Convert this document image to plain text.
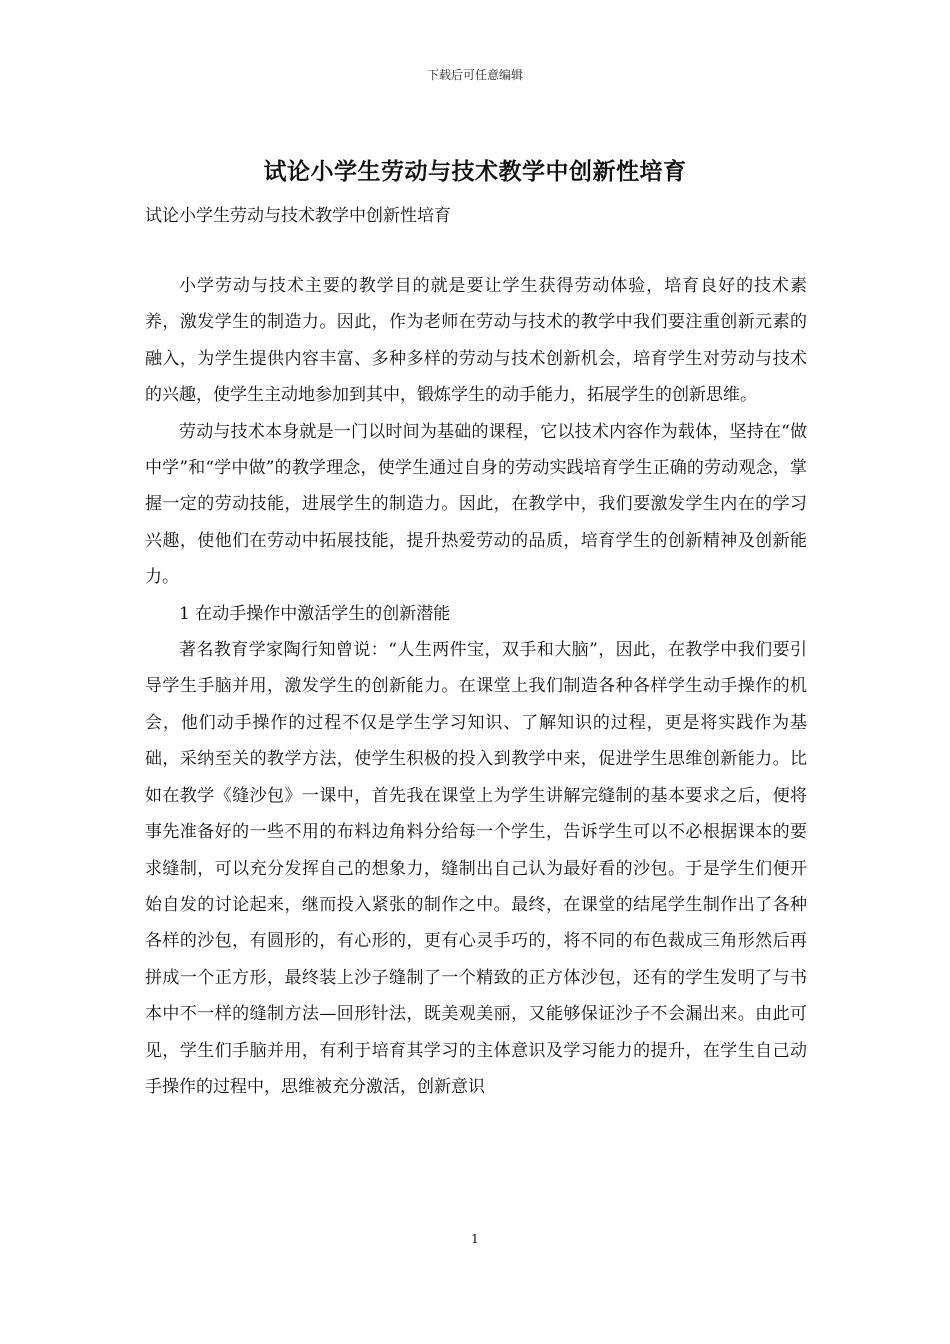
下载后可任意编辑
试论小学生劳动与技术教学中创新性培育
试论小学生劳动与技术教学中创新性培育

小学劳动与技术主要的教学目的就是要让学生获得劳动体验，培育良好的技术素养，激发学生的制造力。因此，作为老师在劳动与技术的教学中我们要注重创新元素的融入，为学生提供内容丰富、多种多样的劳动与技术创新机会，培育学生对劳动与技术的兴趣，使学生主动地参加到其中，锻炼学生的动手能力，拓展学生的创新思维。

劳动与技术本身就是一门以时间为基础的课程，它以技术内容作为载体，坚持在“做中学”和“学中做”的教学理念，使学生通过自身的劳动实践培育学生正确的劳动观念，掌握一定的劳动技能，进展学生的制造力。因此，在教学中，我们要激发学生内在的学习兴趣，使他们在劳动中拓展技能，提升热爱劳动的品质，培育学生的创新精神及创新能力。

1 在动手操作中激活学生的创新潜能

著名教育学家陶行知曾说：“人生两件宝，双手和大脑”，因此，在教学中我们要引导学生手脑并用，激发学生的创新能力。在课堂上我们制造各种各样学生动手操作的机会，他们动手操作的过程不仅是学生学习知识、了解知识的过程，更是将实践作为基础，采纳至关的教学方法，使学生积极的投入到教学中来，促进学生思维创新能力。比如在教学《缝沙包》一课中，首先我在课堂上为学生讲解完缝制的基本要求之后，便将事先准备好的一些不用的布料边角料分给每一个学生，告诉学生可以不必根据课本的要求缝制，可以充分发挥自己的想象力，缝制出自己认为最好看的沙包。于是学生们便开始自发的讨论起来，继而投入紧张的制作之中。最终，在课堂的结尾学生制作出了各种各样的沙包，有圆形的，有心形的，更有心灵手巧的，将不同的布色裁成三角形然后再拼成一个正方形，最终装上沙子缝制了一个精致的正方体沙包，还有的学生发明了与书本中不一样的缝制方法—回形针法，既美观美丽，又能够保证沙子不会漏出来。由此可见，学生们手脑并用，有利于培育其学习的主体意识及学习能力的提升，在学生自己动手操作的过程中，思维被充分激活，创新意识

1
